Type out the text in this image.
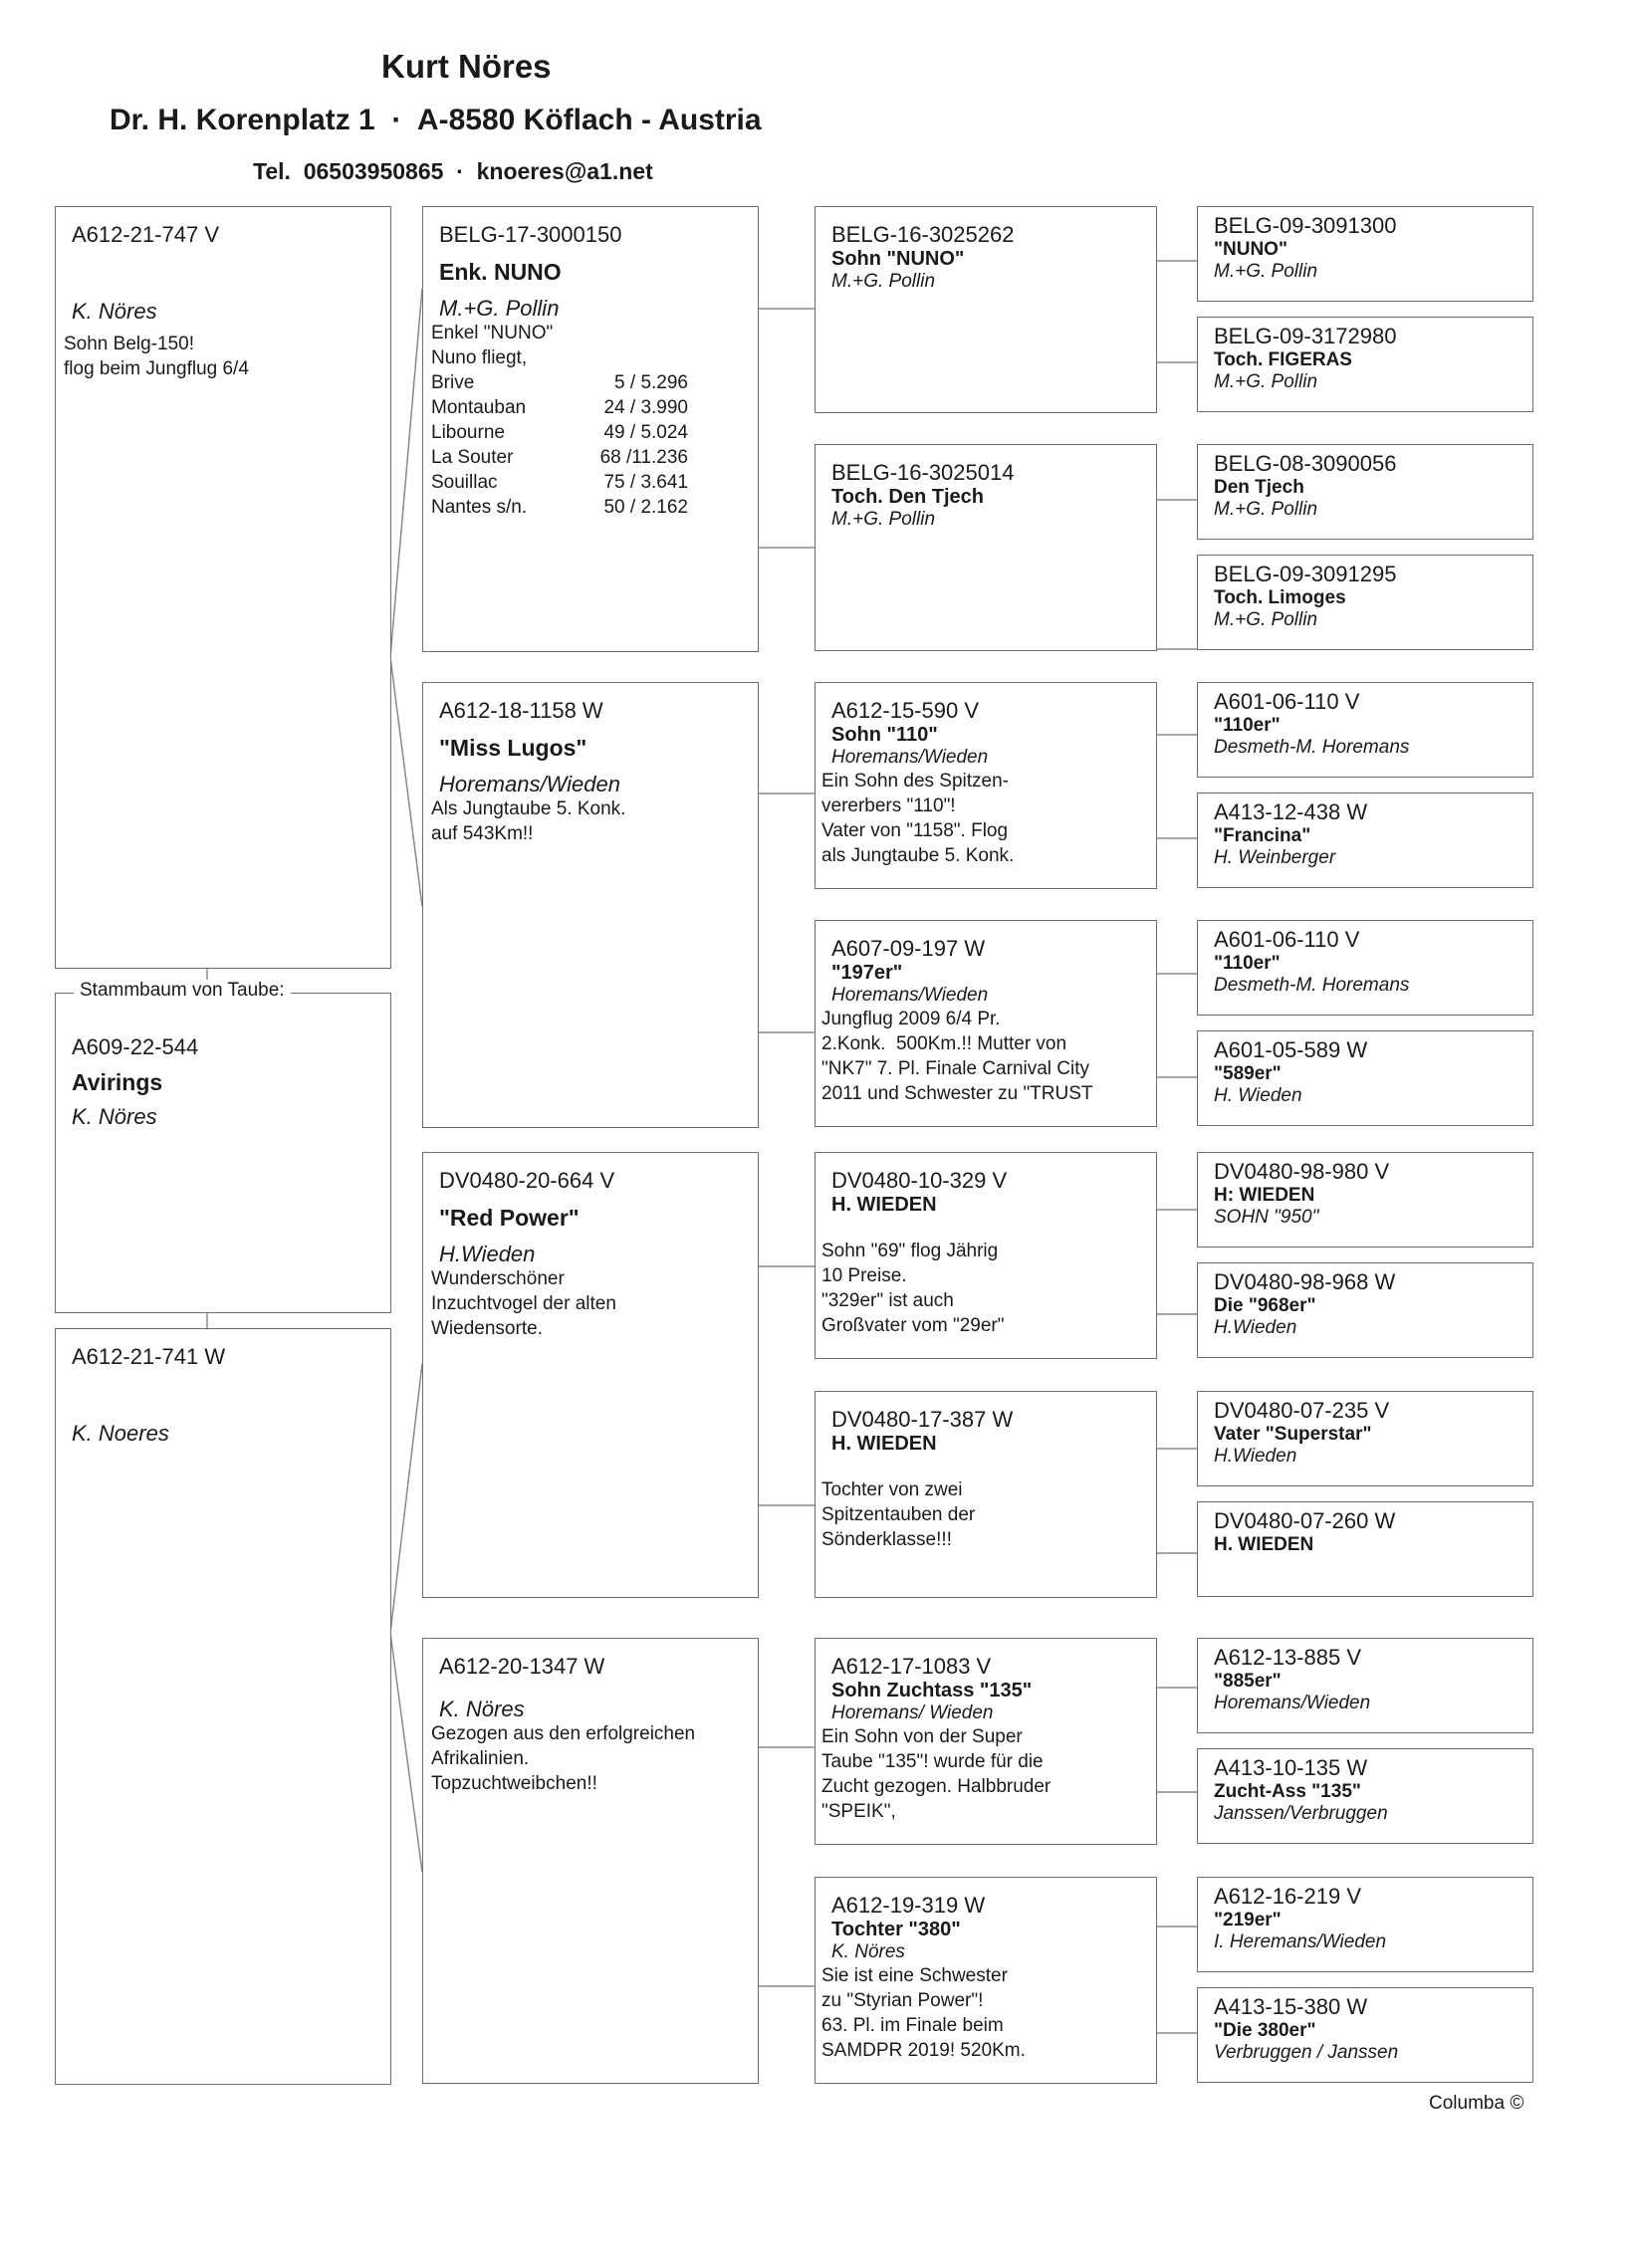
Kurt Nöres
Dr. H. Korenplatz 1  ·  A-8580 Köflach - Austria
Tel.  06503950865  ·  knoeres@a1.net
A612-21-747 V
K. Nöres
Sohn Belg-150!
flog beim Jungflug 6/4
A609-22-544
Avirings
K. Nöres
Stammbaum von Taube:
A612-21-741 W
K. Noeres
BELG-17-3000150
Enk. NUNO
M.+G. Pollin
Enkel "NUNO"
Nuno fliegt,
Brive	5 / 5.296
Montauban	24 / 3.990
Libourne	49 / 5.024
La Souter	68 /11.236
Souillac	75 / 3.641
Nantes s/n.	50 / 2.162
A612-18-1158 W
"Miss Lugos"
Horemans/Wieden
Als Jungtaube 5. Konk.
auf 543Km!!
DV0480-20-664 V
"Red Power"
H.Wieden
Wunderschöner
Inzuchtvogel der alten
Wiedensorte.
A612-20-1347 W
K. Nöres
Gezogen aus den erfolgreichen
Afrikalinien.
Topzuchtweibchen!!
BELG-16-3025262
Sohn "NUNO"
M.+G. Pollin
BELG-16-3025014
Toch. Den Tjech
M.+G. Pollin
A612-15-590 V
Sohn "110"
Horemans/Wieden
Ein Sohn des Spitzen-
vererbers "110"!
Vater von "1158". Flog
als Jungtaube 5. Konk.
A607-09-197 W
"197er"
Horemans/Wieden
Jungflug 2009 6/4 Pr.
2.Konk.  500Km.!! Mutter von
"NK7" 7. Pl. Finale Carnival City
2011 und Schwester zu "TRUST
DV0480-10-329 V
H. WIEDEN
Sohn "69" flog Jährig
10 Preise.
"329er" ist auch
Großvater vom "29er"
DV0480-17-387 W
H. WIEDEN
Tochter von zwei
Spitzentauben der
Sönderklasse!!!
A612-17-1083 V
Sohn Zuchtass "135"
Horemans/ Wieden
Ein Sohn von der Super
Taube "135"! wurde für die
Zucht gezogen. Halbbruder
"SPEIK",
A612-19-319 W
Tochter "380"
K. Nöres
Sie ist eine Schwester
zu "Styrian Power"!
63. Pl. im Finale beim
SAMDPR 2019! 520Km.
BELG-09-3091300
"NUNO"
M.+G. Pollin
BELG-09-3172980
Toch. FIGERAS
M.+G. Pollin
BELG-08-3090056
Den Tjech
M.+G. Pollin
BELG-09-3091295
Toch. Limoges
M.+G. Pollin
A601-06-110 V
"110er"
Desmeth-M. Horemans
A413-12-438 W
"Francina"
H. Weinberger
A601-06-110 V
"110er"
Desmeth-M. Horemans
A601-05-589 W
"589er"
H. Wieden
DV0480-98-980 V
H: WIEDEN
SOHN "950"
DV0480-98-968 W
Die "968er"
H.Wieden
DV0480-07-235 V
Vater "Superstar"
H.Wieden
DV0480-07-260 W
H. WIEDEN
A612-13-885 V
"885er"
Horemans/Wieden
A413-10-135 W
Zucht-Ass "135"
Janssen/Verbruggen
A612-16-219 V
"219er"
I. Heremans/Wieden
A413-15-380 W
"Die 380er"
Verbruggen / Janssen
Columba ©
